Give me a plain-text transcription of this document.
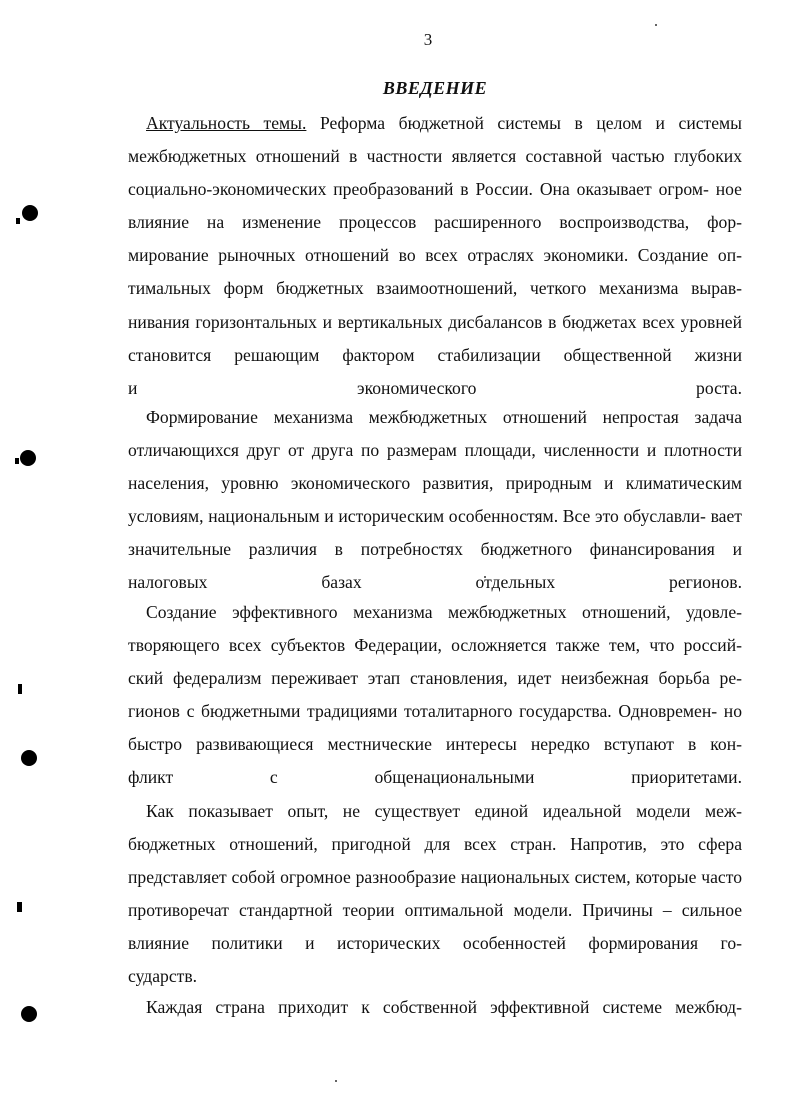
3
ВВЕДЕНИЕ

Актуальность темы. Реформа бюджетной системы в целом и системы межбюджетных отношений в частности является составной частью глубоких социально-экономических преобразований в России. Она оказывает огром- ное влияние на изменение процессов расширенного воспроизводства, фор- мирование рыночных отношений во всех отраслях экономики. Создание оп- тимальных форм бюджетных взаимоотношений, четкого механизма вырав- нивания горизонтальных и вертикальных дисбалансов в бюджетах всех уровней становится решающим фактором стабилизации общественной жизни
и экономического роста.

Формирование механизма межбюджетных отношений непростая задача отличающихся друг от друга по размерам площади, численности и плотности населения, уровню экономического развития, природным и климатическим условиям, национальным и историческим особенностям. Все это обуславли- вает значительные различия в потребностях бюджетного финансирования и
налоговых базах отдельных регионов.

Создание эффективного механизма межбюджетных отношений, удовле- творяющего всех субъектов Федерации, осложняется также тем, что россий- ский федерализм переживает этап становления, идет неизбежная борьба ре- гионов с бюджетными традициями тоталитарного государства. Одновремен- но быстро развивающиеся местнические интересы нередко вступают в кон-
фликт с общенациональными приоритетами.

Как показывает опыт, не существует единой идеальной модели меж- бюджетных отношений, пригодной для всех стран. Напротив, это сфера представляет собой огромное разнообразие национальных систем, которые часто противоречат стандартной теории оптимальной модели. Причины – сильное влияние политики и исторических особенностей формирования го-
сударств.

Каждая страна приходит к собственной эффективной системе межбюд-
